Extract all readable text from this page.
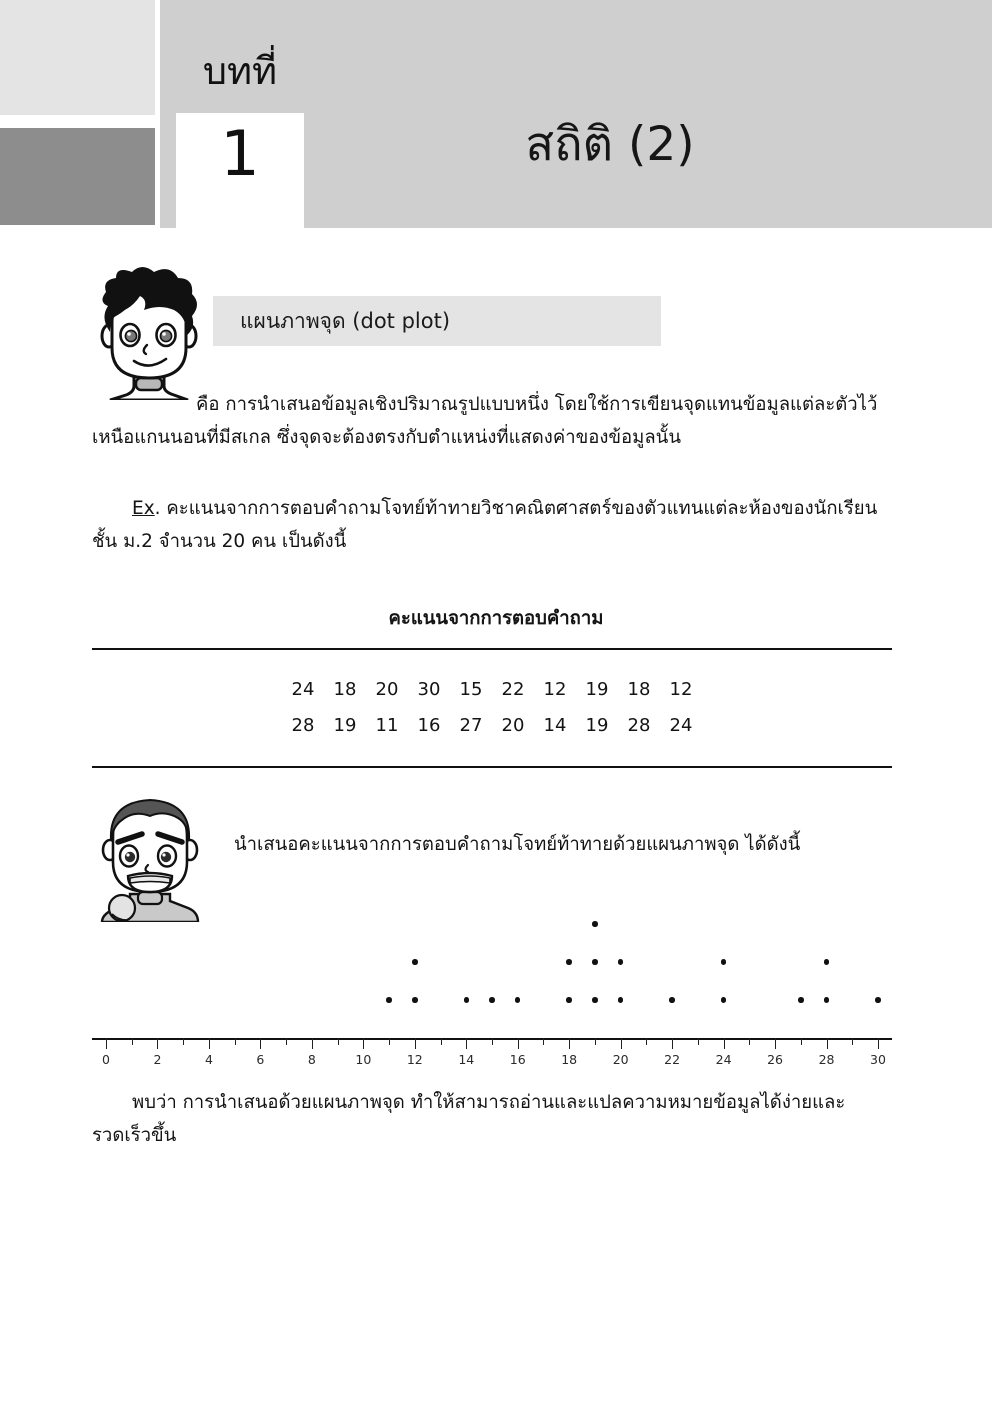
บทที่
1	สถิติ (2)
แผนภาพจุด (dot plot)
คือ การนำเสนอข้อมูลเชิงปริมาณรูปแบบหนึ่ง โดยใช้การเขียนจุดแทนข้อมูลแต่ละตัวไว้เหนือแกนนอนที่มีสเกล ซึ่งจุดจะต้องตรงกับตำแหน่งที่แสดงค่าของข้อมูลนั้น
Ex. คะแนนจากการตอบคำถามโจทย์ท้าทายวิชาคณิตศาสตร์ของตัวแทนแต่ละห้องของนักเรียนชั้น ม.2 จำนวน 20 คน เป็นดังนี้
คะแนนจากการตอบคำถาม
24	18	20	30	15	22	12	19	18	12
28	19	11	16	27	20	14	19	28	24
นำเสนอคะแนนจากการตอบคำถามโจทย์ท้าทายด้วยแผนภาพจุด ได้ดังนี้
0	2	4	6	8	10	12	14	16	18	20	22	24	26	28	30
พบว่า การนำเสนอด้วยแผนภาพจุด ทำให้สามารถอ่านและแปลความหมายข้อมูลได้ง่ายและรวดเร็วขึ้น
